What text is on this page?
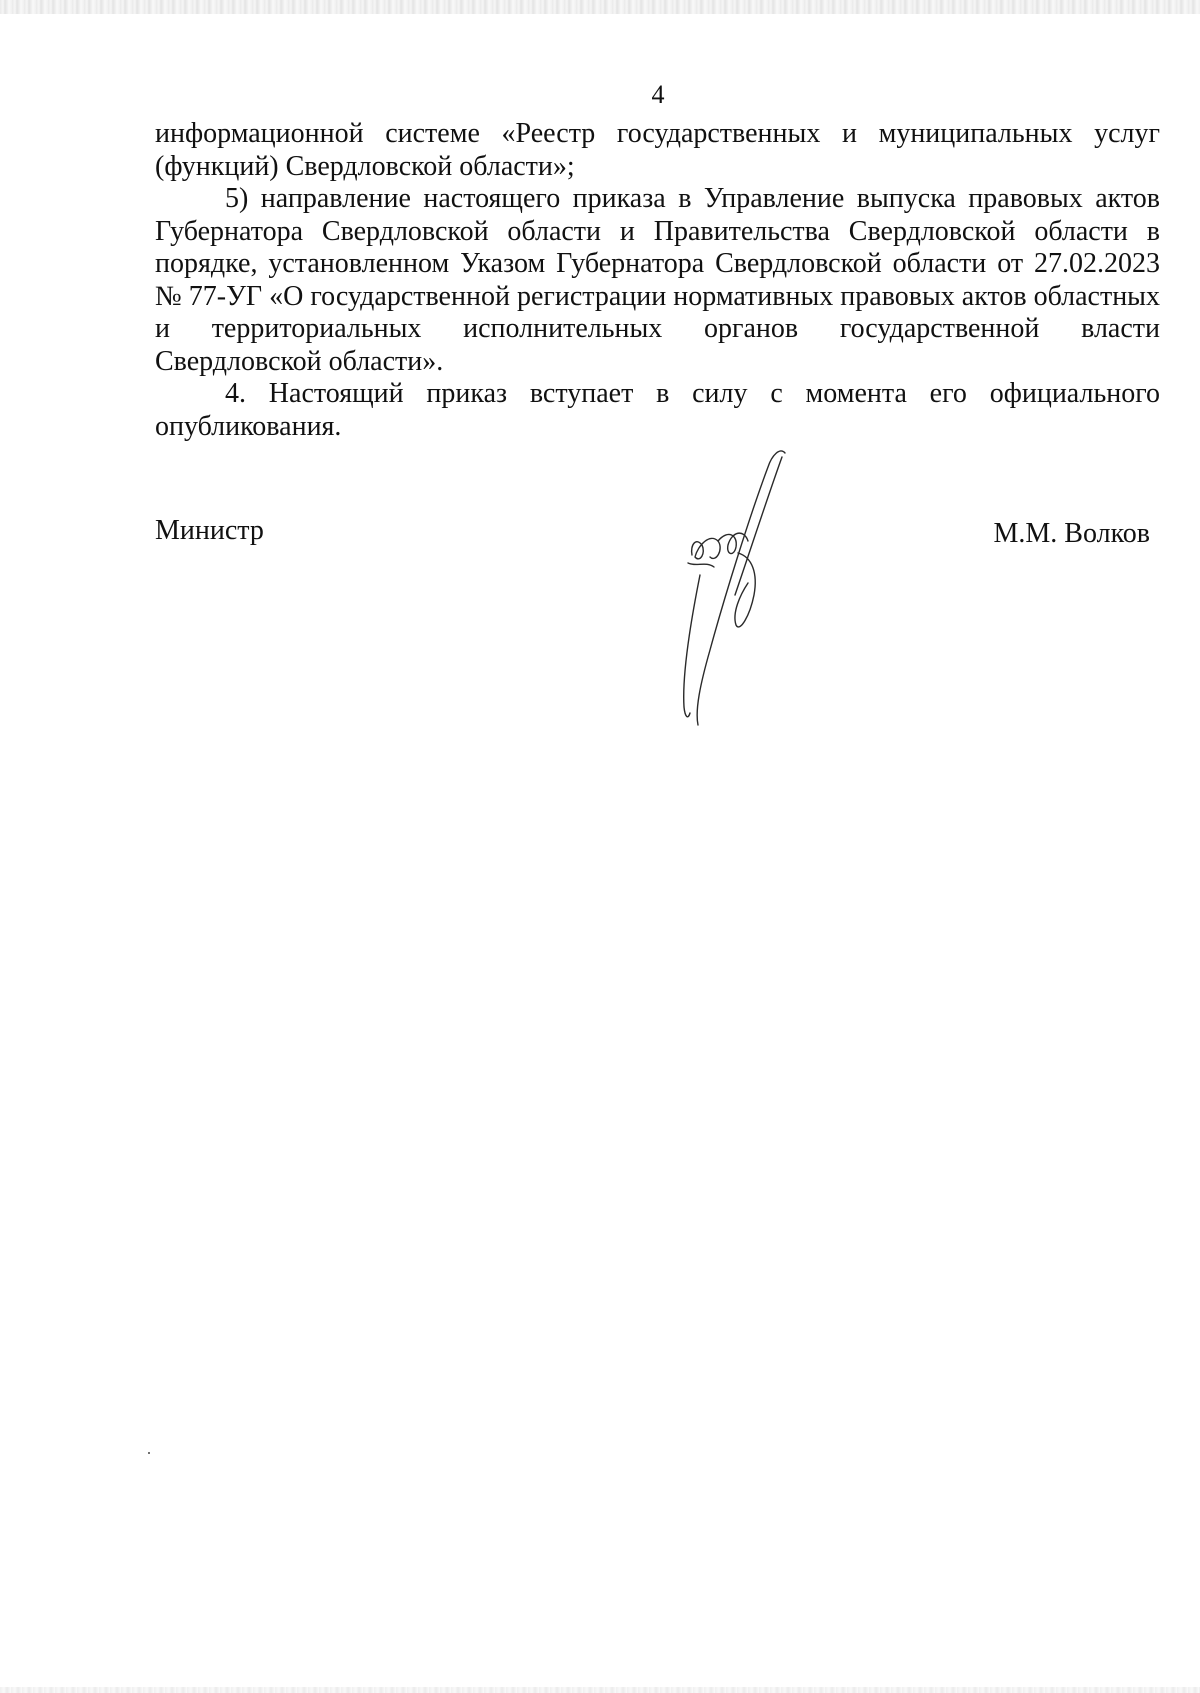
4

информационной системе «Реестр государственных и муниципальных услуг (функций) Свердловской области»;

5) направление настоящего приказа в Управление выпуска правовых актов Губернатора Свердловской области и Правительства Свердловской области в порядке, установленном Указом Губернатора Свердловской области от 27.02.2023 № 77-УГ «О государственной регистрации нормативных правовых актов областных и территориальных исполнительных органов государственной власти Свердловской области».

4. Настоящий приказ вступает в силу с момента его официального опубликования.

Министр	М.М. Волков
